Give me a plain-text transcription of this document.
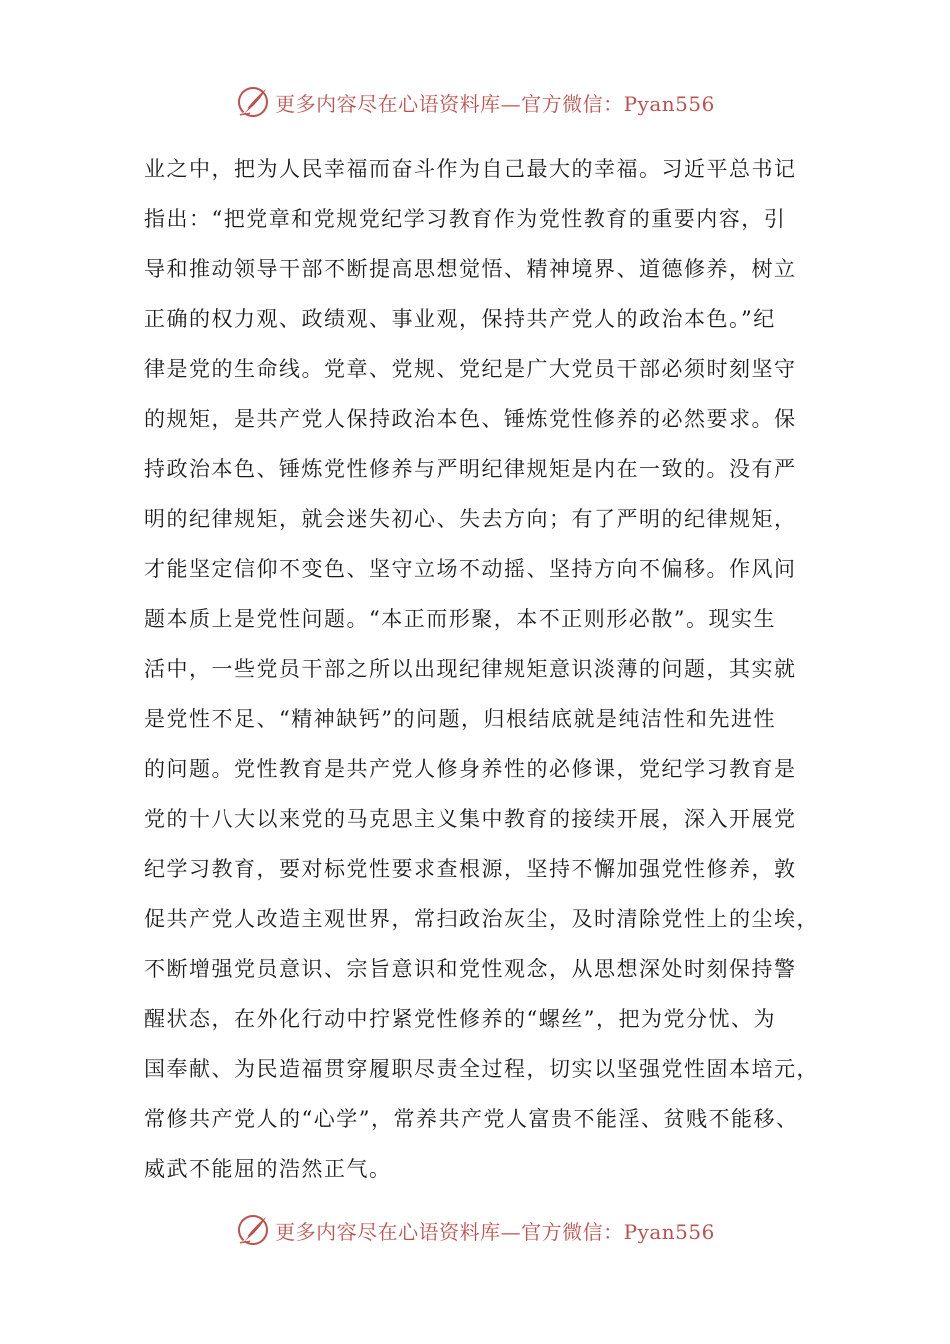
更多内容尽在心语资料库—官方微信：Pyan556
业之中，把为人民幸福而奋斗作为自己最大的幸福。习近平总书记
指出：“把党章和党规党纪学习教育作为党性教育的重要内容，引
导和推动领导干部不断提高思想觉悟、精神境界、道德修养，树立
正确的权力观、政绩观、事业观，保持共产党人的政治本色。”纪
律是党的生命线。党章、党规、党纪是广大党员干部必须时刻坚守
的规矩，是共产党人保持政治本色、锤炼党性修养的必然要求。保
持政治本色、锤炼党性修养与严明纪律规矩是内在一致的。没有严
明的纪律规矩，就会迷失初心、失去方向；有了严明的纪律规矩，
才能坚定信仰不变色、坚守立场不动摇、坚持方向不偏移。作风问
题本质上是党性问题。“本正而形聚，本不正则形必散”。现实生
活中，一些党员干部之所以出现纪律规矩意识淡薄的问题，其实就
是党性不足、“精神缺钙”的问题，归根结底就是纯洁性和先进性
的问题。党性教育是共产党人修身养性的必修课，党纪学习教育是
党的十八大以来党的马克思主义集中教育的接续开展，深入开展党
纪学习教育，要对标党性要求查根源，坚持不懈加强党性修养，敦
促共产党人改造主观世界，常扫政治灰尘，及时清除党性上的尘埃，
不断增强党员意识、宗旨意识和党性观念，从思想深处时刻保持警
醒状态，在外化行动中拧紧党性修养的“螺丝”，把为党分忧、为
国奉献、为民造福贯穿履职尽责全过程，切实以坚强党性固本培元，
常修共产党人的“心学”，常养共产党人富贵不能淫、贫贱不能移、
威武不能屈的浩然正气。
更多内容尽在心语资料库—官方微信：Pyan556
